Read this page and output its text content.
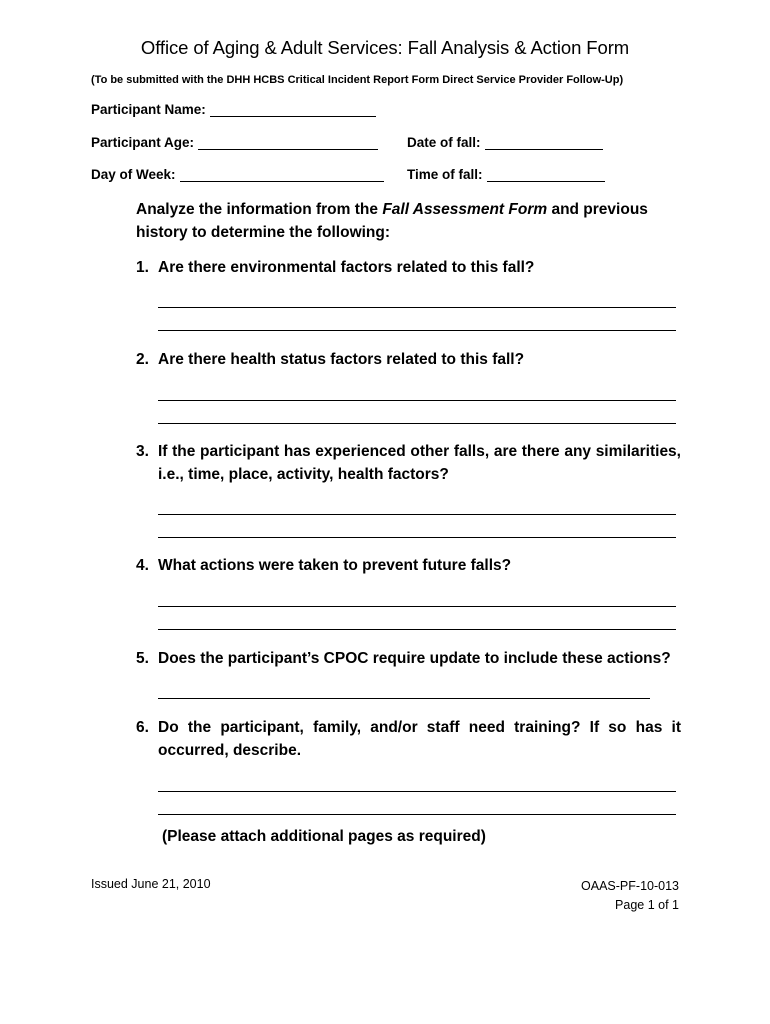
Office of Aging & Adult Services: Fall Analysis & Action Form
(To be submitted with the DHH HCBS Critical Incident Report Form Direct Service Provider Follow-Up)
Participant Name:
Participant Age:	Date of fall:
Day of Week:	Time of fall:
Analyze the information from the Fall Assessment Form and previous history to determine the following:
1. Are there environmental factors related to this fall?
2. Are there health status factors related to this fall?
3. If the participant has experienced other falls, are there any similarities, i.e., time, place, activity, health factors?
4. What actions were taken to prevent future falls?
5. Does the participant’s CPOC require update to include these actions?
6. Do the participant, family, and/or staff need training? If so has it occurred, describe.
(Please attach additional pages as required)
Issued June 21, 2010	OAAS-PF-10-013
Page 1 of 1
